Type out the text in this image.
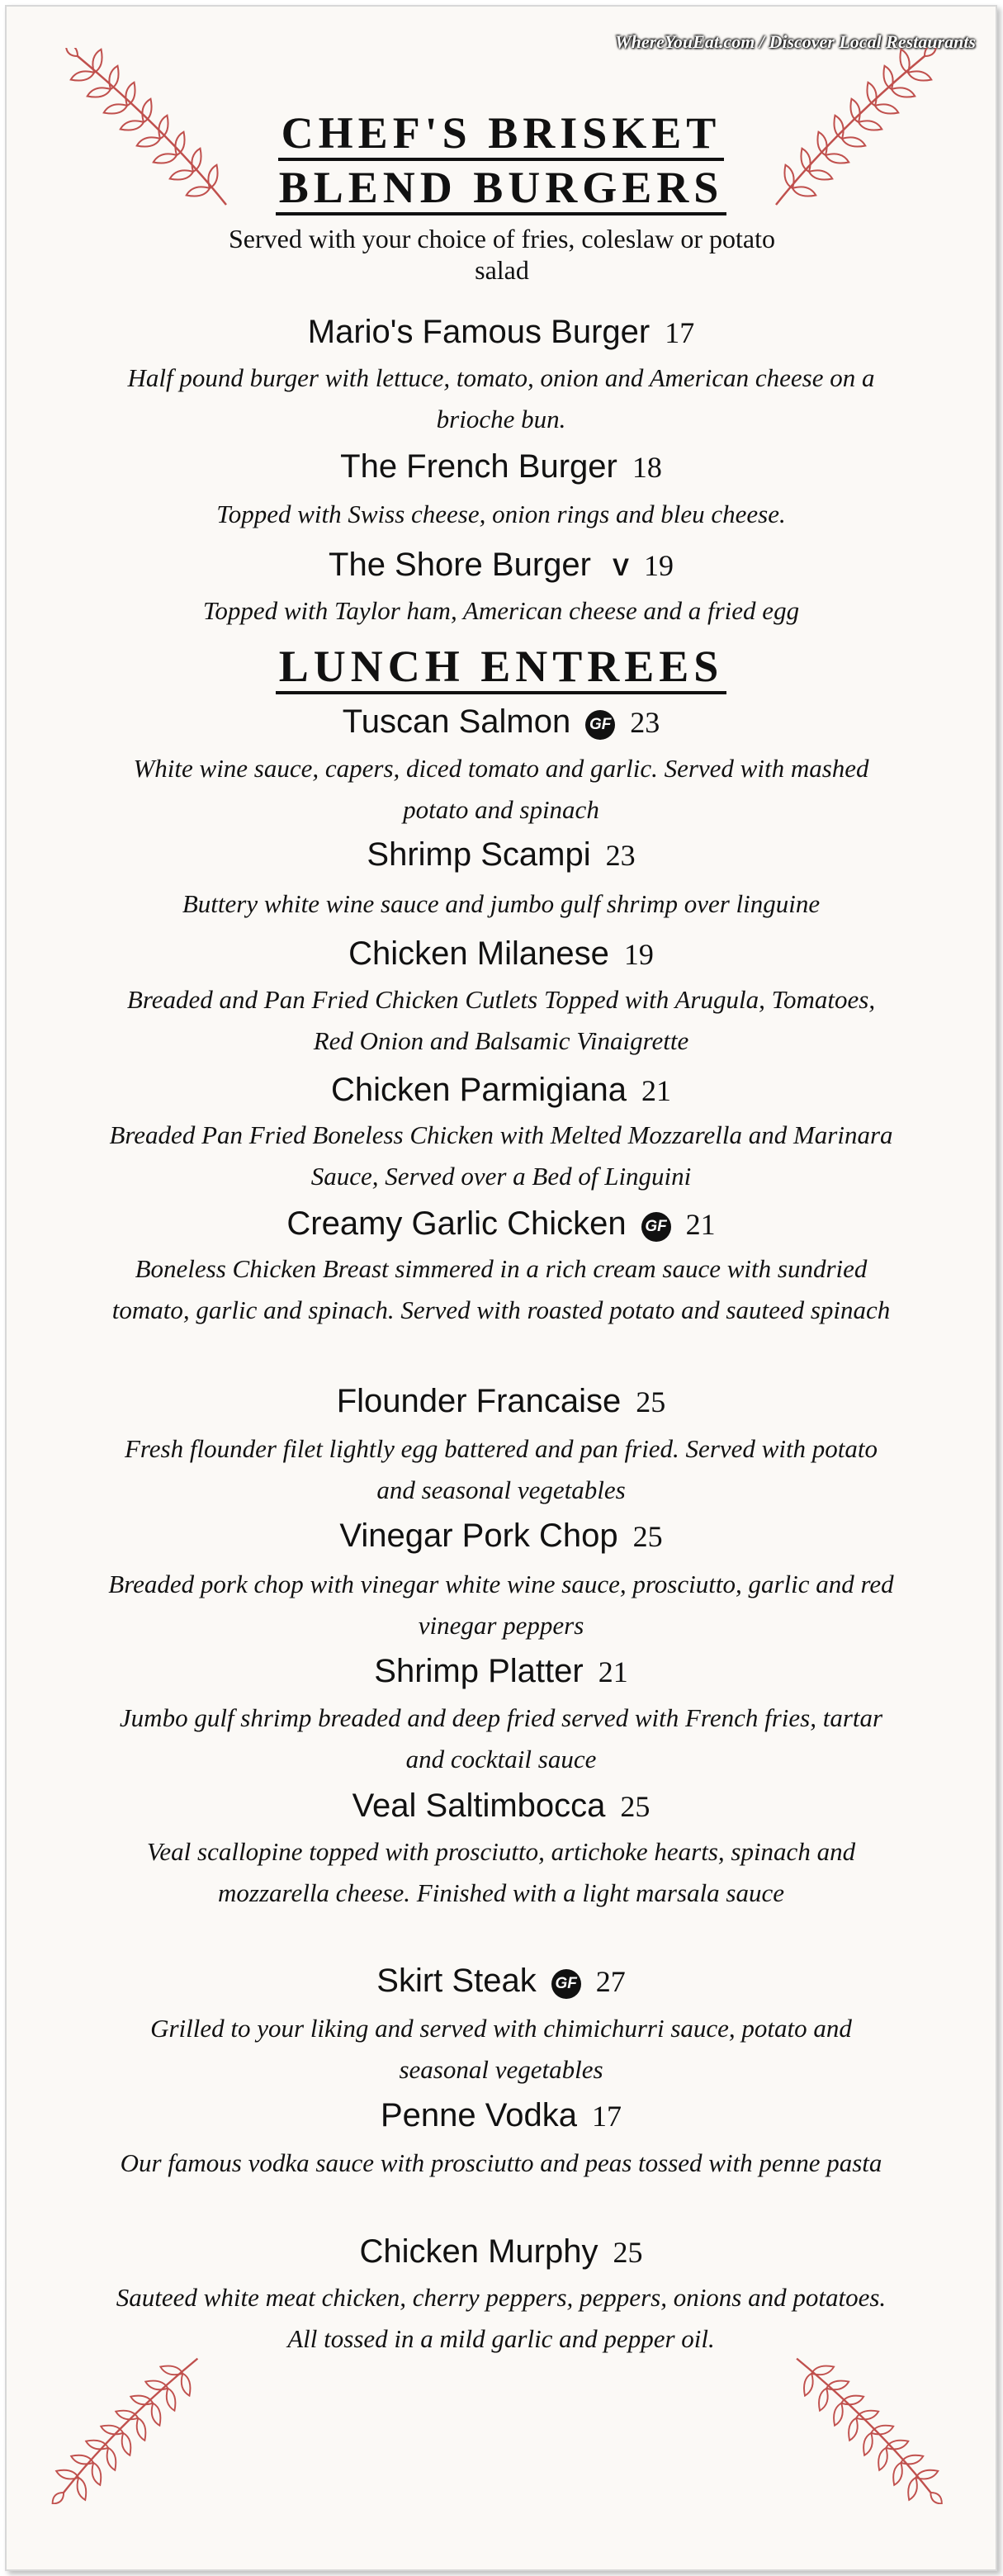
WhereYouEat.com / Discover Local Restaurants
CHEF'S BRISKET
BLEND BURGERS
Served with your choice of fries, coleslaw or potato salad
Mario's Famous Burger 17
Half pound burger with lettuce, tomato, onion and American cheese on a brioche bun.
The French Burger 18
Topped with Swiss cheese, onion rings and bleu cheese.
The Shore Burger V 19
Topped with Taylor ham, American cheese and a fried egg
LUNCH ENTREES
Tuscan Salmon GF 23
White wine sauce, capers, diced tomato and garlic. Served with mashed potato and spinach
Shrimp Scampi 23
Buttery white wine sauce and jumbo gulf shrimp over linguine
Chicken Milanese 19
Breaded and Pan Fried Chicken Cutlets Topped with Arugula, Tomatoes, Red Onion and Balsamic Vinaigrette
Chicken Parmigiana 21
Breaded Pan Fried Boneless Chicken with Melted Mozzarella and Marinara Sauce, Served over a Bed of Linguini
Creamy Garlic Chicken GF 21
Boneless Chicken Breast simmered in a rich cream sauce with sundried tomato, garlic and spinach. Served with roasted potato and sauteed spinach
Flounder Francaise 25
Fresh flounder filet lightly egg battered and pan fried. Served with potato and seasonal vegetables
Vinegar Pork Chop 25
Breaded pork chop with vinegar white wine sauce, prosciutto, garlic and red vinegar peppers
Shrimp Platter 21
Jumbo gulf shrimp breaded and deep fried served with French fries, tartar and cocktail sauce
Veal Saltimbocca 25
Veal scallopine topped with prosciutto, artichoke hearts, spinach and mozzarella cheese. Finished with a light marsala sauce
Skirt Steak GF 27
Grilled to your liking and served with chimichurri sauce, potato and seasonal vegetables
Penne Vodka 17
Our famous vodka sauce with prosciutto and peas tossed with penne pasta
Chicken Murphy 25
Sauteed white meat chicken, cherry peppers, peppers, onions and potatoes. All tossed in a mild garlic and pepper oil.
